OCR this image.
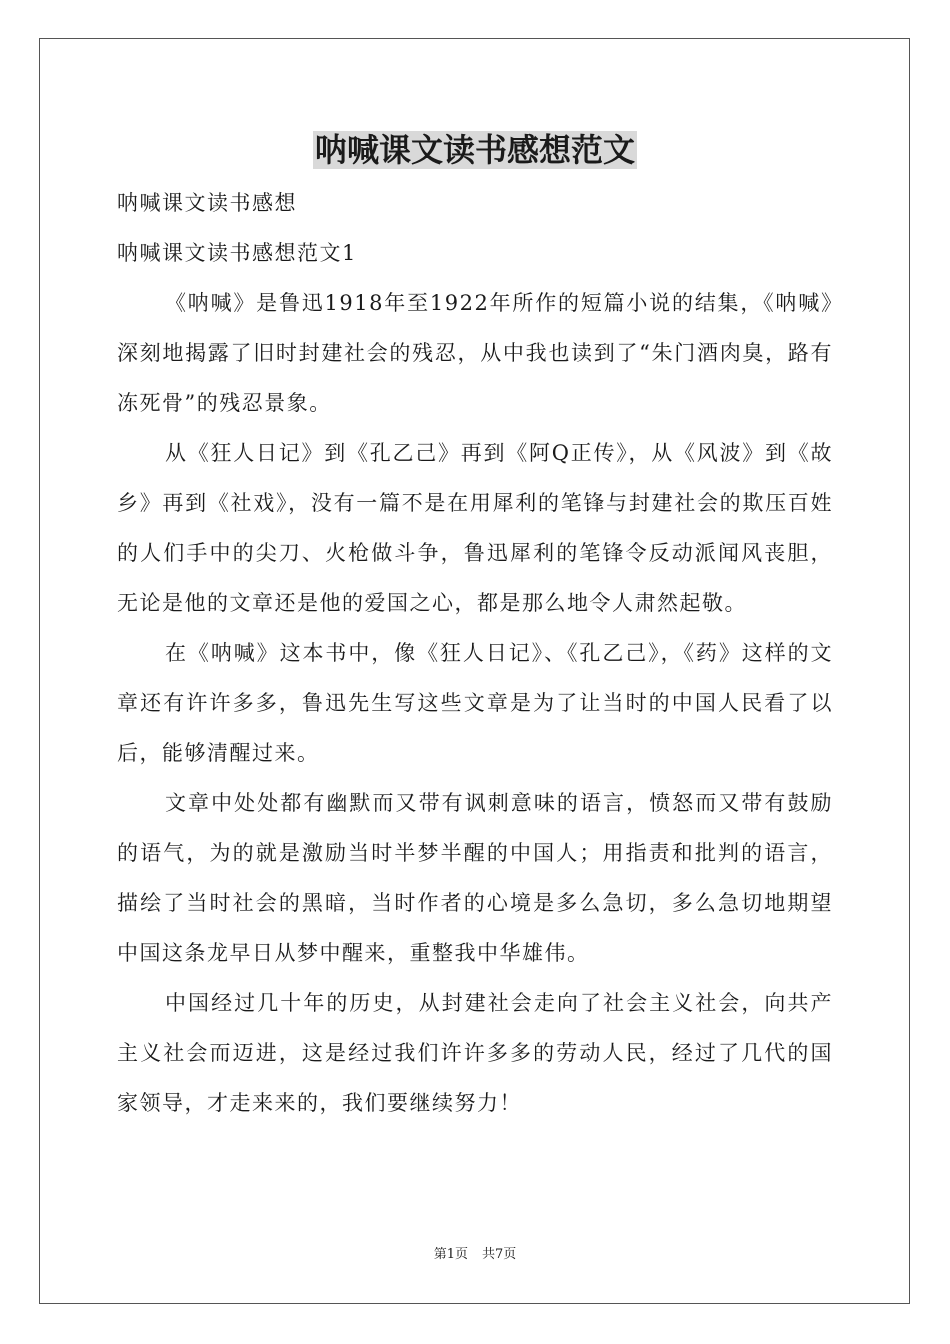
呐喊课文读书感想范文

呐喊课文读书感想

呐喊课文读书感想范文1

《呐喊》是鲁迅1918年至1922年所作的短篇小说的结集，《呐喊》深刻地揭露了旧时封建社会的残忍，从中我也读到了“朱门酒肉臭，路有冻死骨”的残忍景象。

从《狂人日记》到《孔乙己》再到《阿Q正传》，从《风波》到《故乡》再到《社戏》，没有一篇不是在用犀利的笔锋与封建社会的欺压百姓的人们手中的尖刀、火枪做斗争，鲁迅犀利的笔锋令反动派闻风丧胆，无论是他的文章还是他的爱国之心，都是那么地令人肃然起敬。

在《呐喊》这本书中，像《狂人日记》、《孔乙己》，《药》这样的文章还有许许多多，鲁迅先生写这些文章是为了让当时的中国人民看了以后，能够清醒过来。

文章中处处都有幽默而又带有讽刺意味的语言，愤怒而又带有鼓励的语气，为的就是激励当时半梦半醒的中国人；用指责和批判的语言，描绘了当时社会的黑暗，当时作者的心境是多么急切，多么急切地期望中国这条龙早日从梦中醒来，重整我中华雄伟。

中国经过几十年的历史，从封建社会走向了社会主义社会，向共产主义社会而迈进，这是经过我们许许多多的劳动人民，经过了几代的国家领导，才走来来的，我们要继续努力！

第1页 共7页
